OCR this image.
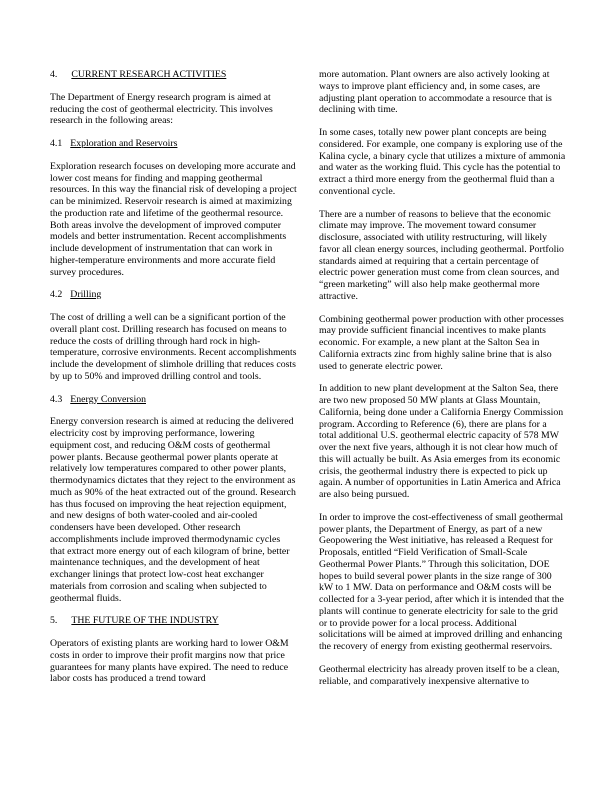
4. CURRENT RESEARCH ACTIVITIES

The Department of Energy research program is aimed at reducing the cost of geothermal electricity. This involves research in the following areas:

4.1 Exploration and Reservoirs

Exploration research focuses on developing more accurate and lower cost means for finding and mapping geothermal resources. In this way the financial risk of developing a project can be minimized. Reservoir research is aimed at maximizing the production rate and lifetime of the geothermal resource. Both areas involve the development of improved computer models and better instrumentation. Recent accomplishments include development of instrumentation that can work in higher-temperature environments and more accurate field survey procedures.

4.2 Drilling

The cost of drilling a well can be a significant portion of the overall plant cost. Drilling research has focused on means to reduce the costs of drilling through hard rock in high-temperature, corrosive environments. Recent accomplishments include the development of slimhole drilling that reduces costs by up to 50% and improved drilling control and tools.

4.3 Energy Conversion

Energy conversion research is aimed at reducing the delivered electricity cost by improving performance, lowering equipment cost, and reducing O&M costs of geothermal power plants. Because geothermal power plants operate at relatively low temperatures compared to other power plants, thermodynamics dictates that they reject to the environment as much as 90% of the heat extracted out of the ground. Research has thus focused on improving the heat rejection equipment, and new designs of both water-cooled and air-cooled condensers have been developed. Other research accomplishments include improved thermodynamic cycles that extract more energy out of each kilogram of brine, better maintenance techniques, and the development of heat exchanger linings that protect low-cost heat exchanger materials from corrosion and scaling when subjected to geothermal fluids.

5. THE FUTURE OF THE INDUSTRY

Operators of existing plants are working hard to lower O&M costs in order to improve their profit margins now that price guarantees for many plants have expired. The need to reduce labor costs has produced a trend toward

more automation. Plant owners are also actively looking at ways to improve plant efficiency and, in some cases, are adjusting plant operation to accommodate a resource that is declining with time.

In some cases, totally new power plant concepts are being considered. For example, one company is exploring use of the Kalina cycle, a binary cycle that utilizes a mixture of ammonia and water as the working fluid. This cycle has the potential to extract a third more energy from the geothermal fluid than a conventional cycle.

There are a number of reasons to believe that the economic climate may improve. The movement toward consumer disclosure, associated with utility restructuring, will likely favor all clean energy sources, including geothermal. Portfolio standards aimed at requiring that a certain percentage of electric power generation must come from clean sources, and “green marketing” will also help make geothermal more attractive.

Combining geothermal power production with other processes may provide sufficient financial incentives to make plants economic. For example, a new plant at the Salton Sea in California extracts zinc from highly saline brine that is also used to generate electric power.

In addition to new plant development at the Salton Sea, there are two new proposed 50 MW plants at Glass Mountain, California, being done under a California Energy Commission program. According to Reference (6), there are plans for a total additional U.S. geothermal electric capacity of 578 MW over the next five years, although it is not clear how much of this will actually be built. As Asia emerges from its economic crisis, the geothermal industry there is expected to pick up again. A number of opportunities in Latin America and Africa are also being pursued.

In order to improve the cost-effectiveness of small geothermal power plants, the Department of Energy, as part of a new Geopowering the West initiative, has released a Request for Proposals, entitled “Field Verification of Small-Scale Geothermal Power Plants.” Through this solicitation, DOE hopes to build several power plants in the size range of 300 kW to 1 MW. Data on performance and O&M costs will be collected for a 3-year period, after which it is intended that the plants will continue to generate electricity for sale to the grid or to provide power for a local process. Additional solicitations will be aimed at improved drilling and enhancing the recovery of energy from existing geothermal reservoirs.

Geothermal electricity has already proven itself to be a clean, reliable, and comparatively inexpensive alternative to
